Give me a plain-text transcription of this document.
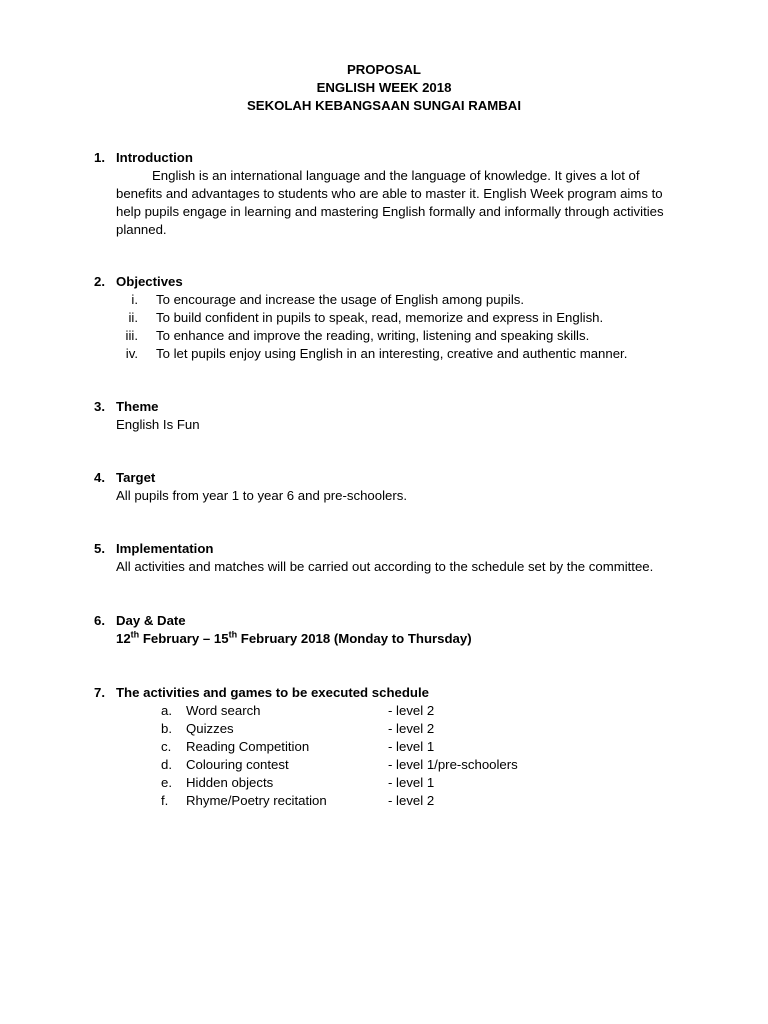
PROPOSAL
ENGLISH WEEK 2018
SEKOLAH KEBANGSAAN SUNGAI RAMBAI
1. Introduction
English is an international language and the language of knowledge. It gives a lot of benefits and advantages to students who are able to master it. English Week program aims to help pupils engage in learning and mastering English formally and informally through activities planned.
2. Objectives
i. To encourage and increase the usage of English among pupils.
ii. To build confident in pupils to speak, read, memorize and express in English.
iii. To enhance and improve the reading, writing, listening and speaking skills.
iv. To let pupils enjoy using English in an interesting, creative and authentic manner.
3. Theme
English Is Fun
4. Target
All pupils from year 1 to year 6 and pre-schoolers.
5. Implementation
All activities and matches will be carried out according to the schedule set by the committee.
6. Day & Date
12th February – 15th February 2018 (Monday to Thursday)
7. The activities and games to be executed schedule
a. Word search	- level 2
b. Quizzes	- level 2
c. Reading Competition	- level 1
d. Colouring contest	- level 1/pre-schoolers
e. Hidden objects	- level 1
f. Rhyme/Poetry recitation	- level 2
